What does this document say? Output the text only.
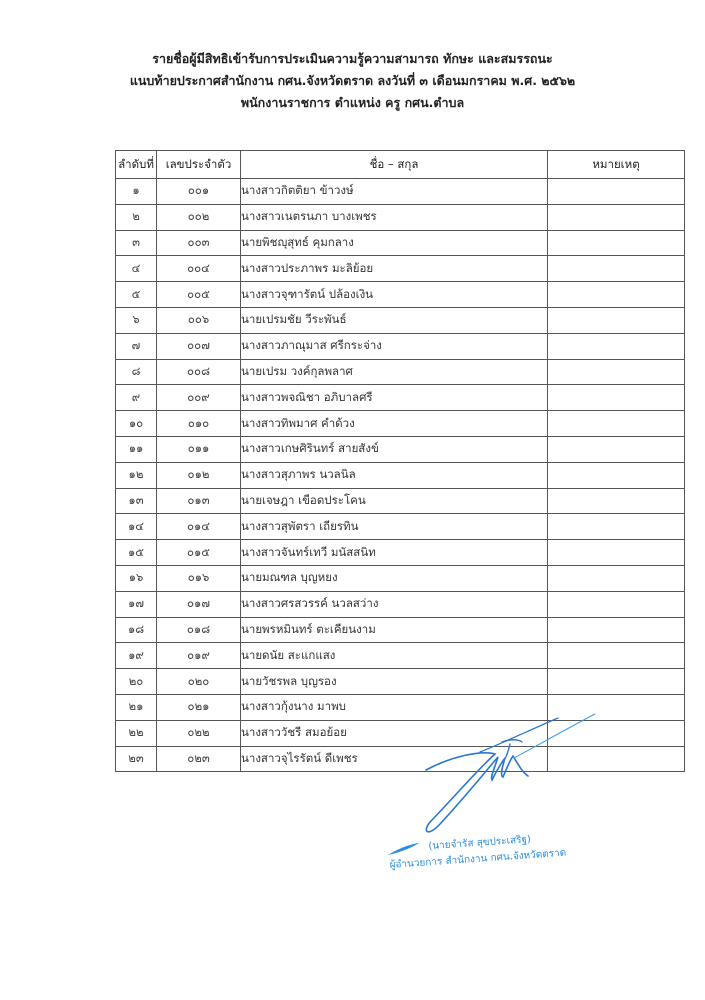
รายชื่อผู้มีสิทธิเข้ารับการประเมินความรู้ความสามารถ ทักษะ และสมรรถนะ
แนบท้ายประกาศสำนักงาน กศน.จังหวัดตราด ลงวันที่ ๓ เดือนมกราคม พ.ศ. ๒๕๖๒
พนักงานราชการ ตำแหน่ง ครู กศน.ตำบล
ลำดับที่	เลขประจำตัว	ชื่อ – สกุล	หมายเหตุ
๑	๐๐๑	นางสาวกิตติยา ข้าวงษ์	
๒	๐๐๒	นางสาวเนตรนภา บางเพชร	
๓	๐๐๓	นายพิชญุสุทธ์ คุมกลาง	
๔	๐๐๔	นางสาวประภาพร มะลิย้อย	
๕	๐๐๕	นางสาวจุฑารัตน์ ปล้องเงิน	
๖	๐๐๖	นายเปรมชัย วีระพันธ์	
๗	๐๐๗	นางสาวภาณุมาส ศรีกระจ่าง	
๘	๐๐๘	นายเปรม วงค์กุลพลาศ	
๙	๐๐๙	นางสาวพจณิชา อภิบาลศรี	
๑๐	๐๑๐	นางสาวทิพมาศ คำด้วง	
๑๑	๐๑๑	นางสาวเกษศิรินทร์ สายสังข์	
๑๒	๐๑๒	นางสาวสุภาพร นวลนิล	
๑๓	๐๑๓	นายเจษฎา เขือดประโคน	
๑๔	๐๑๔	นางสาวสุพัตรา เถียรทิน	
๑๕	๐๑๕	นางสาวจันทร์เทวี มนัสสนิท	
๑๖	๐๑๖	นายมณฑล บุญหยง	
๑๗	๐๑๗	นางสาวศรสวรรค์ นวลสว่าง	
๑๘	๐๑๘	นายพรหมินทร์ ตะเคียนงาม	
๑๙	๐๑๙	นายดนัย สะแกแสง	
๒๐	๐๒๐	นายวัชรพล บุญรอง	
๒๑	๐๒๑	นางสาวกุ้งนาง มาพบ	
๒๒	๐๒๒	นางสาววัชรี สมอย้อย	
๒๓	๐๒๓	นางสาวจุไรรัตน์ ดีเพชร	
(นายจำรัส สุขประเสริฐ)
ผู้อำนวยการ สำนักงาน กศน.จังหวัดตราด
